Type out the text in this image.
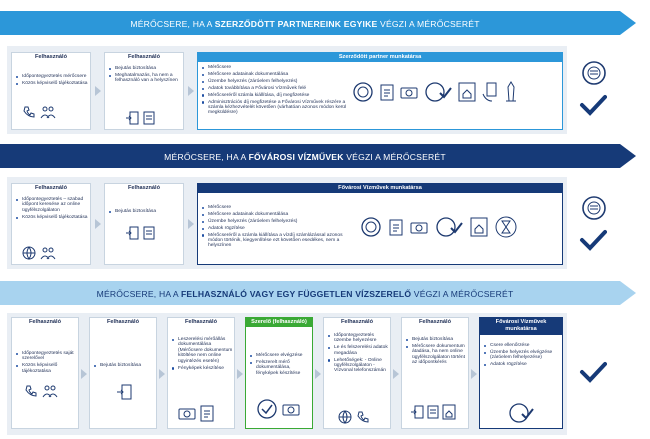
MÉRŐCSERE, HA A SZERZŐDÖTT PARTNEREINK EGYIKE VÉGZI A MÉRŐCSERÉT
Felhasználó
Időpontegyeztetés mérőcsere
Közös képviselő tájékoztatása
Felhasználó
Bejutás biztosítása
Meghatalmazás, ha nem a felhasználó van a helyszínen
Szerződött partner munkatársa
Mérőcsere
Mérőcsere adatainak dokumentálása
Üzembe helyezés (záróelem felhelyezés)
Adatok továbbítása a Fővárosi Vízművek felé
Mérőcseréről számla kiállítása, díj megfizetése
Adminisztrációs díj megfizetése a Fővárosi Vízművek részére a számla kézhezvételét követően (várhatóan azonos módon kerül megküldésre)
MÉRŐCSERE, HA A FŐVÁROSI VÍZMŰVEK VÉGZI A MÉRŐCSERÉT
Felhasználó
Időpontegyeztetés – szabad időpont keresése az online ügyfélszolgálaton
Közös képviselő tájékoztatása
Felhasználó
Bejutás biztosítása
Fővárosi Vízművek munkatársa
Mérőcsere
Mérőcsere adatainak dokumentálása
Üzembe helyezés (záróelem felhelyezés)
Adatok rögzítése
Mérőcseréről a számla kiállítása a vízdíj számlázással azonos módon történik, kiegyenlítése ezt követően esedékes, nem a helyszínen
MÉRŐCSERE, HA A FELHASZNÁLÓ VAGY EGY FÜGGETLEN VÍZSZERELŐ VÉGZI A MÉRŐCSERÉT
Felhasználó
Időpontegyeztetés saját szerelővel
Közös képviselő tájékoztatása
Felhasználó
Bejutás biztosítása
Felhasználó
Leszerelési mérőállás dokumentálása (Mérőcsere dokumentum kitöltése nem online ügyintézés esetén)
Fényképek készítése
Szerelő (felhasználó)
Mérőcsere elvégzése
Felszerelt mérő dokumentálása, fényképek készítése
Felhasználó
Időpontegyeztetés üzembe helyezésre
Le és felszerelési adatok megadása
Lehetőségek: - Online ügyfélszolgálaton - Vízvonal telefonszámán
Felhasználó
Bejutás biztosítása
Mérőcsere dokumentum átadása, ha nem online ügyfélszolgálaton történt az időpontkérés
Fővárosi Vízművek munkatársa
Csere ellenőrzése
Üzembe helyezés elvégzése (záróelem felhelyezése)
Adatok rögzítése
